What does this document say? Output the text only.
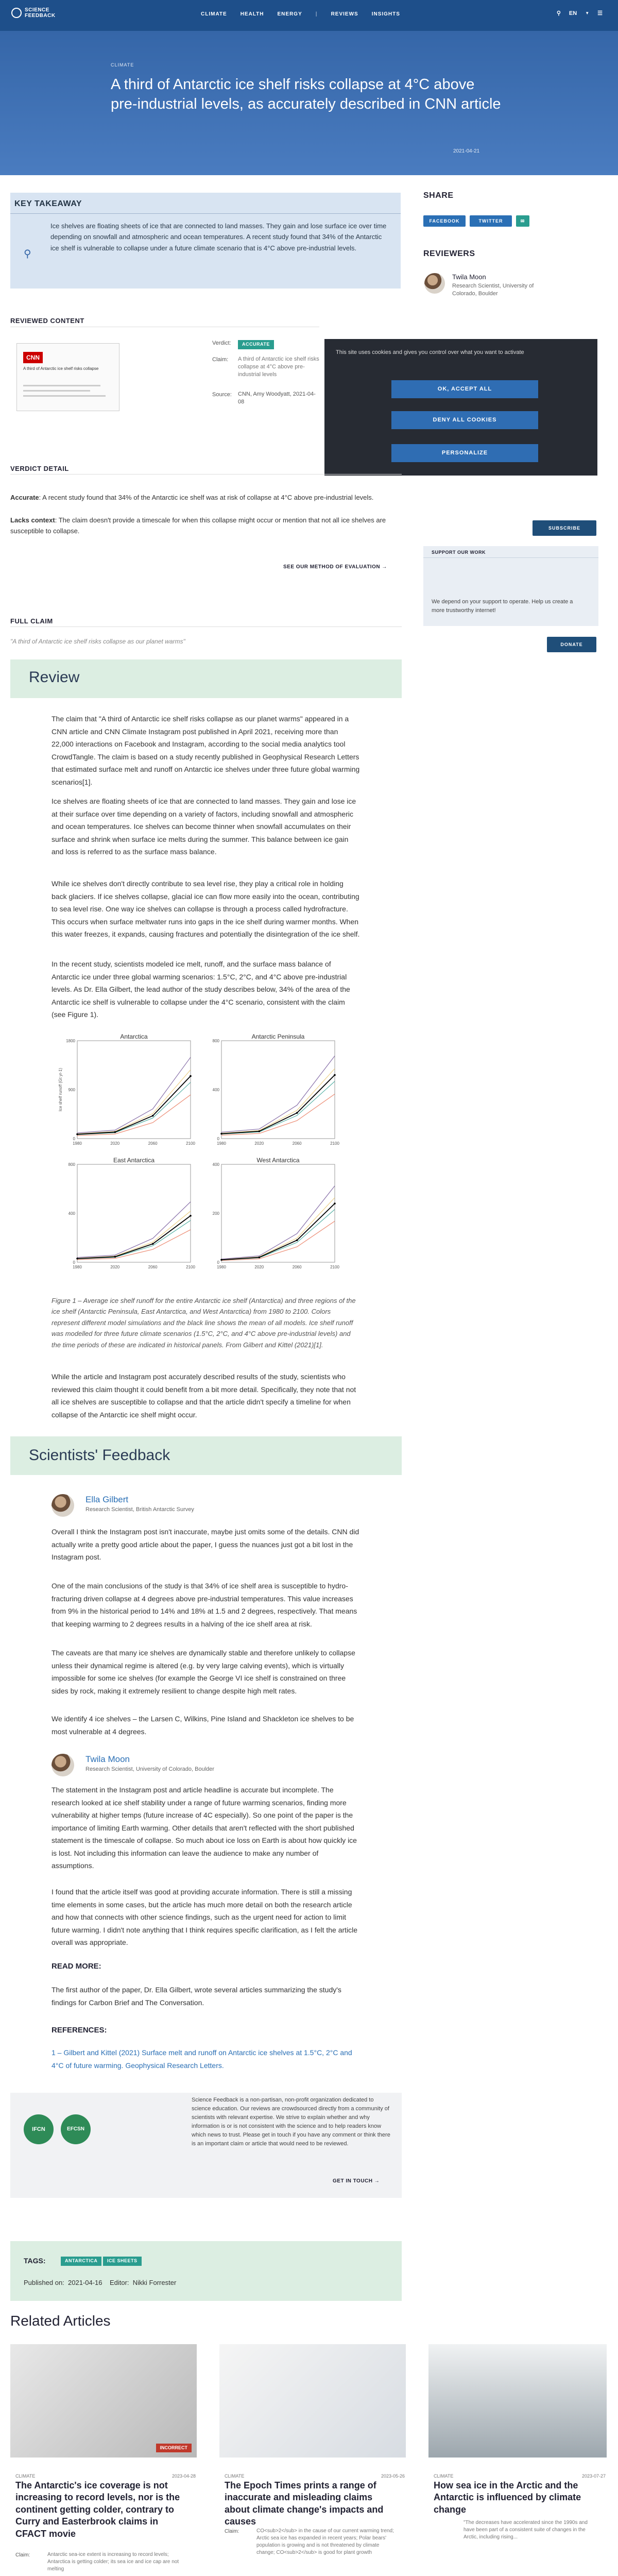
SCIENCE FEEDBACK	CLIMATE	HEALTH	ENERGY	|	REVIEWS	INSIGHTS	⚲ EN ▼ ☰
CLIMATE
A third of Antarctic ice shelf risks collapse at 4°C above pre-industrial levels, as accurately described in CNN article
2021-04-21
KEY TAKEAWAY
⚲
Ice shelves are floating sheets of ice that are connected to land masses. They gain and lose surface ice over time depending on snowfall and atmospheric and ocean temperatures. A recent study found that 34% of the Antarctic ice shelf is vulnerable to collapse under a future climate scenario that is 4°C above pre-industrial levels.
SHARE
FACEBOOK	TWITTER	✉
REVIEWERS
Twila Moon
Research Scientist, University of Colorado, Boulder
SUBSCRIBE
SUPPORT OUR WORK
We depend on your support to operate. Help us create a more trustworthy internet!
DONATE
This site uses cookies and gives you control over what you want to activate
OK, ACCEPT ALL
DENY ALL COOKIES
PERSONALIZE
REVIEWED CONTENT
CNN
A third of Antarctic ice shelf risks collapse
Verdict:	ACCURATE
Claim: A third of Antarctic ice shelf risks collapse at 4°C above pre-industrial levels
Source: CNN, Amy Woodyatt, 2021-04-08
VERDICT DETAIL
Accurate: A recent study found that 34% of the Antarctic ice shelf was at risk of collapse at 4°C above pre-industrial levels.
Lacks context: The claim doesn't provide a timescale for when this collapse might occur or mention that not all ice shelves are susceptible to collapse.
SEE OUR METHOD OF EVALUATION →
FULL CLAIM
"A third of Antarctic ice shelf risks collapse as our planet warms"
Review
The claim that "A third of Antarctic ice shelf risks collapse as our planet warms" appeared in a CNN article and CNN Climate Instagram post published in April 2021, receiving more than 22,000 interactions on Facebook and Instagram, according to the social media analytics tool CrowdTangle. The claim is based on a study recently published in Geophysical Research Letters that estimated surface melt and runoff on Antarctic ice shelves under three future global warming scenarios[1].
Ice shelves are floating sheets of ice that are connected to land masses. They gain and lose ice at their surface over time depending on a variety of factors, including snowfall and atmospheric and ocean temperatures. Ice shelves can become thinner when snowfall accumulates on their surface and shrink when surface ice melts during the summer. This balance between ice gain and loss is referred to as the surface mass balance.
While ice shelves don't directly contribute to sea level rise, they play a critical role in holding back glaciers. If ice shelves collapse, glacial ice can flow more easily into the ocean, contributing to sea level rise. One way ice shelves can collapse is through a process called hydrofracture. This occurs when surface meltwater runs into gaps in the ice shelf during warmer months. When this water freezes, it expands, causing fractures and potentially the disintegration of the ice shelf.
In the recent study, scientists modeled ice melt, runoff, and the surface mass balance of Antarctic ice under three global warming scenarios: 1.5°C, 2°C, and 4°C above pre-industrial levels. As Dr. Ella Gilbert, the lead author of the study describes below, 34% of the area of the Antarctic ice shelf is vulnerable to collapse under the 4°C scenario, consistent with the claim (see Figure 1).
Antarctica
1980	2020	2060	2100
0
900
1800
Ice shelf runoff (Gt yr-1)
Antarctic Peninsula
1980	2020	2060	2100
0
400
800
East Antarctica
1980	2020	2060	2100
0
400
800
West Antarctica
1980	2020	2060	2100
0
200
400
Figure 1 – Average ice shelf runoff for the entire Antarctic ice shelf (Antarctica) and three regions of the ice shelf (Antarctic Peninsula, East Antarctica, and West Antarctica) from 1980 to 2100. Colors represent different model simulations and the black line shows the mean of all models. Ice shelf runoff was modelled for three future climate scenarios (1.5°C, 2°C, and 4°C above pre-industrial levels) and the time periods of these are indicated in historical panels. From Gilbert and Kittel (2021)[1].
While the article and Instagram post accurately described results of the study, scientists who reviewed this claim thought it could benefit from a bit more detail. Specifically, they note that not all ice shelves are susceptible to collapse and that the article didn't specify a timeline for when collapse of the Antarctic ice shelf might occur.
Scientists' Feedback
Ella Gilbert
Research Scientist, British Antarctic Survey
Overall I think the Instagram post isn't inaccurate, maybe just omits some of the details. CNN did actually write a pretty good article about the paper, I guess the nuances just got a bit lost in the Instagram post.
One of the main conclusions of the study is that 34% of ice shelf area is susceptible to hydro-fracturing driven collapse at 4 degrees above pre-industrial temperatures. This value increases from 9% in the historical period to 14% and 18% at 1.5 and 2 degrees, respectively. That means that keeping warming to 2 degrees results in a halving of the ice shelf area at risk.
The caveats are that many ice shelves are dynamically stable and therefore unlikely to collapse unless their dynamical regime is altered (e.g. by very large calving events), which is virtually impossible for some ice shelves (for example the George VI ice shelf is constrained on three sides by rock, making it extremely resilient to change despite high melt rates.
We identify 4 ice shelves – the Larsen C, Wilkins, Pine Island and Shackleton ice shelves to be most vulnerable at 4 degrees.
Twila Moon
Research Scientist, University of Colorado, Boulder
The statement in the Instagram post and article headline is accurate but incomplete. The research looked at ice shelf stability under a range of future warming scenarios, finding more vulnerability at higher temps (future increase of 4C especially). So one point of the paper is the importance of limiting Earth warming. Other details that aren't reflected with the short published statement is the timescale of collapse. So much about ice loss on Earth is about how quickly ice is lost. Not including this information can leave the audience to make any number of assumptions.
I found that the article itself was good at providing accurate information. There is still a missing time elements in some cases, but the article has much more detail on both the research article and how that connects with other science findings, such as the urgent need for action to limit future warming. I didn't note anything that I think requires specific clarification, as I felt the article overall was appropriate.
READ MORE:
The first author of the paper, Dr. Ella Gilbert, wrote several articles summarizing the study's findings for Carbon Brief and The Conversation.
REFERENCES:
1 – Gilbert and Kittel (2021) Surface melt and runoff on Antarctic ice shelves at 1.5°C, 2°C and 4°C of future warming. Geophysical Research Letters.
IFCN	EFCSN
Science Feedback is a non-partisan, non-profit organization dedicated to science education. Our reviews are crowdsourced directly from a community of scientists with relevant expertise. We strive to explain whether and why information is or is not consistent with the science and to help readers know which news to trust. Please get in touch if you have any comment or think there is an important claim or article that would need to be reviewed.
GET IN TOUCH →
TAGS:	ANTARCTICA	ICE SHEETS
Published on: 2021-04-16 Editor: Nikki Forrester
Related Articles
INCORRECT
CLIMATE	2023-04-28
The Antarctic's ice coverage is not increasing to record levels, nor is the continent getting colder, contrary to Curry and Easterbrook claims in CFACT movie
Claim:	Antarctic sea-ice extent is increasing to record levels; Antarctica is getting colder; its sea ice and ice cap are not melting
CLIMATE	2023-05-26
The Epoch Times prints a range of inaccurate and misleading claims about climate change's impacts and causes
Claim:	CO<sub>2</sub> in the cause of our current warming trend; Arctic sea ice has expanded in recent years; Polar bears' population is growing and is not threatened by climate change; CO<sub>2</sub> is good for plant growth
CLIMATE	2023-07-27
How sea ice in the Arctic and the Antarctic is influenced by climate change
"The decreases have accelerated since the 1990s and have been part of a consistent suite of changes in the Arctic, including rising...
